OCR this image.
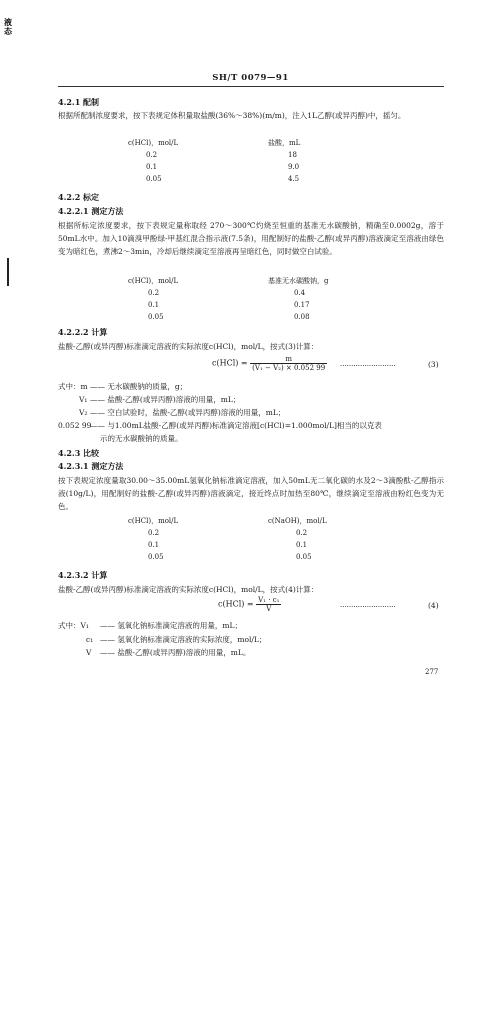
液态
SH/T 0079—91
4.2.1 配制
根据所配制浓度要求，按下表规定体积量取盐酸(36%～38%)(m/m)，注入1L乙醇(或异丙醇)中，摇匀。
c(HCl)，mol/L	盐酸，mL
0.2	18
0.1	9.0
0.05	4.5
4.2.2 标定
4.2.2.1 测定方法
根据所标定浓度要求，按下表规定量称取经 270～300℃灼烧至恒重的基准无水碳酸钠，精确至0.0002g，溶于50mL水中。加入10滴溴甲酚绿-甲基红混合指示液(7.5条)，用配制好的盐酸-乙醇(或异丙醇)溶液滴定至溶液由绿色变为暗红色，煮沸2～3min，冷却后继续滴定至溶液再呈暗红色，同时做空白试验。
c(HCl)，mol/L	基准无水碳酸钠，g
0.2	0.4
0.1	0.17
0.05	0.08
4.2.2.2 计算
盐酸-乙醇(或异丙醇)标准滴定溶液的实际浓度c(HCl)，mol/L，按式(3)计算：
$c(HCl) = \frac{m}{\text{(V₁ − V₂) × 0.052 99}}$ ·························	(3)
式中：m —— 无水碳酸钠的质量，g；
V₁ —— 盐酸-乙醇(或异丙醇)溶液的用量，mL；
V₂ —— 空白试验时，盐酸-乙醇(或异丙醇)溶液的用量，mL；
0.052 99
—— 与1.00mL盐酸-乙醇(或异丙醇)标准滴定溶液[c(HCl)=1.000mol/L]相当的以克表
示的无水碳酸钠的质量。
4.2.3 比较
4.2.3.1 测定方法
按下表规定浓度量取30.00～35.00mL氢氧化钠标准滴定溶液，加入50mL无二氧化碳的水及2～3滴酚酞-乙醇指示液(10g/L)，用配制好的盐酸-乙醇(或异丙醇)溶液滴定，接近终点时加热至80℃，继续滴定至溶液由粉红色变为无色。
c(HCl)，mol/L	c(NaOH)，mol/L
0.2	0.2
0.1	0.1
0.05	0.05
4.2.3.2 计算
盐酸-乙醇(或异丙醇)标准滴定溶液的实际浓度c(HCl)，mol/L，按式(4)计算：
$c(HCl) = \frac{\text{V₁ · c₁}}{V}$	·························	(4)
式中：V₁ —— 氢氧化钠标准滴定溶液的用量，mL；
c₁ —— 氢氧化钠标准滴定溶液的实际浓度，mol/L；
V —— 盐酸-乙醇(或异丙醇)溶液的用量，mL。
277
